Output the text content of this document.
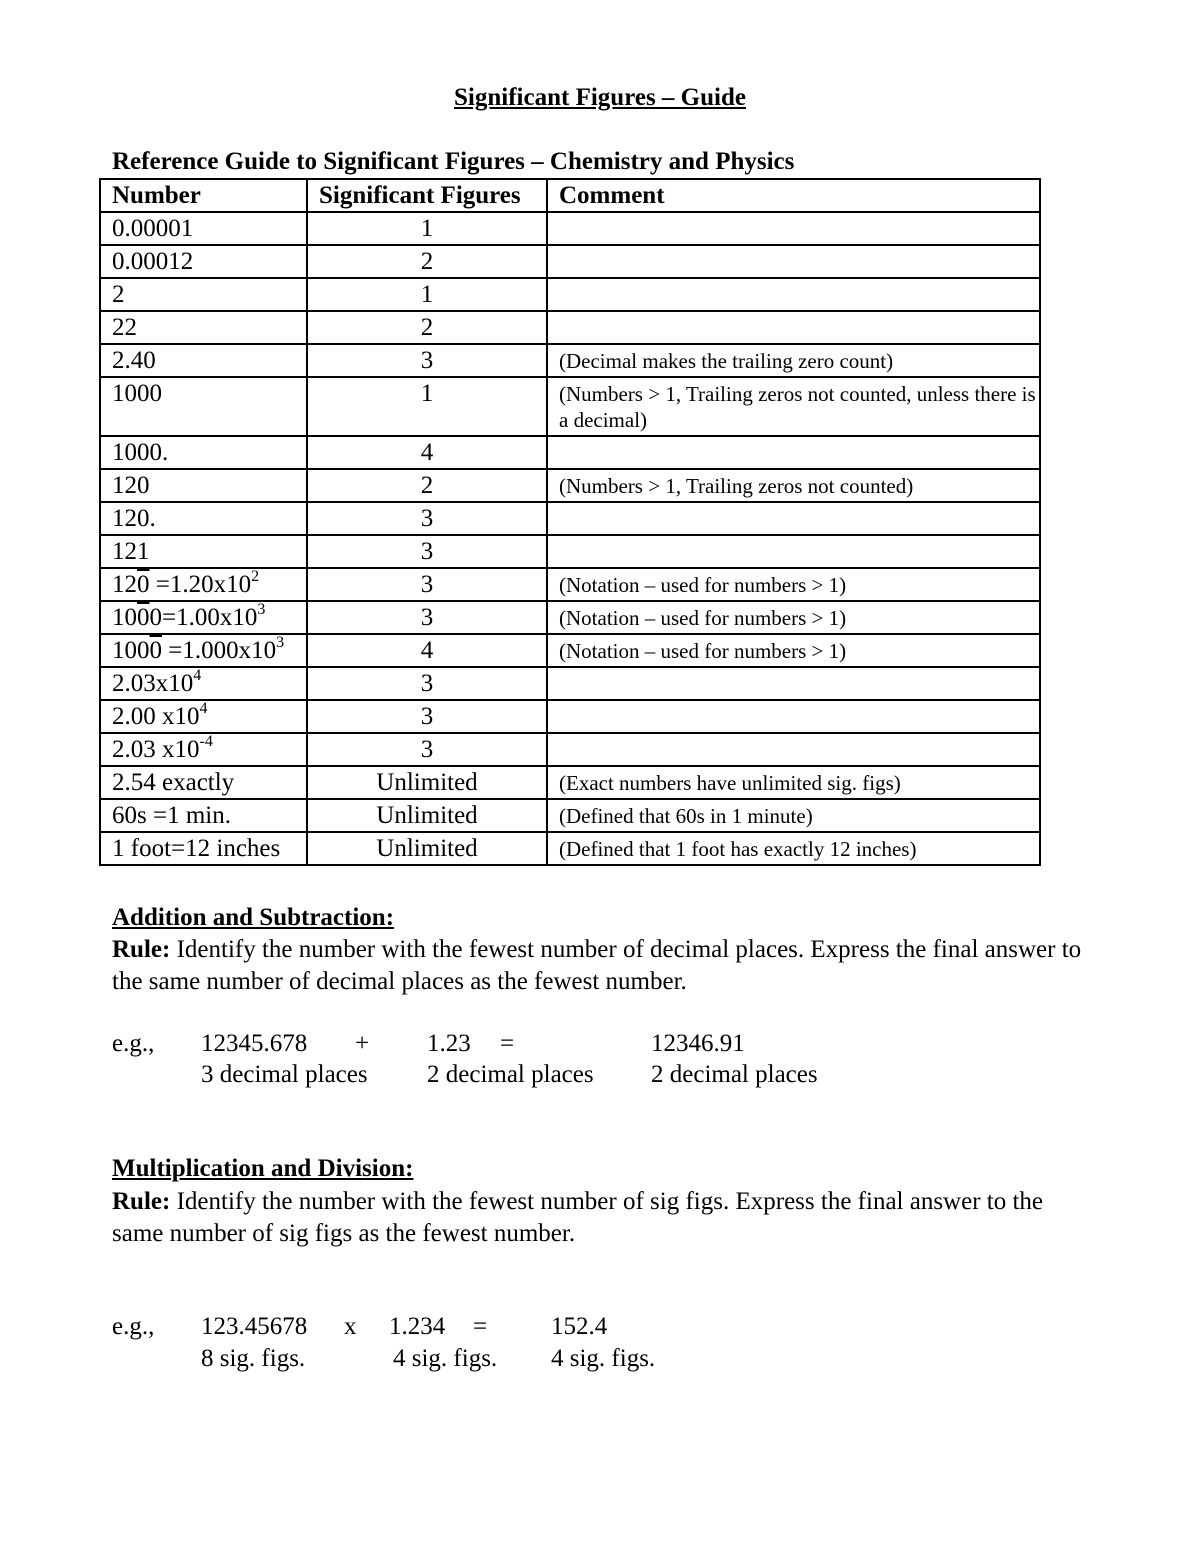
Significant Figures – Guide
Reference Guide to Significant Figures – Chemistry and Physics
Number	Significant Figures	Comment
0.00001	1	
0.00012	2	
2	1	
22	2	
2.40	3	(Decimal makes the trailing zero count)
1000	1	(Numbers > 1, Trailing zeros not counted, unless there is a decimal)
1000.	4	
120	2	(Numbers > 1, Trailing zeros not counted)
120.	3	
121	3	
$120 =1.20x10^2$	3	(Notation – used for numbers > 1)
$1000=1.00x10^3$	3	(Notation – used for numbers > 1)
$1000 =1.000x10^3$	4	(Notation – used for numbers > 1)
$2.03x10^4$	3	
2.00 $x10^4$	3	
2.03 $x10^{-4}$	3	
2.54 exactly	Unlimited	(Exact numbers have unlimited sig. figs)
60s =1 min.	Unlimited	(Defined that 60s in 1 minute)
1 foot=12 inches	Unlimited	(Defined that 1 foot has exactly 12 inches)
Addition and Subtraction:
Rule: Identify the number with the fewest number of decimal places. Express the final answer to the same number of decimal places as the fewest number.
e.g., 12345.678 + 1.23 =	12346.91
3 decimal places 2 decimal places 2 decimal places
Multiplication and Division:
Rule: Identify the number with the fewest number of sig figs. Express the final answer to the same number of sig figs as the fewest number.
e.g., 123.45678 x 1.234 =	152.4
8 sig. figs.	4 sig. figs. 4 sig. figs.
